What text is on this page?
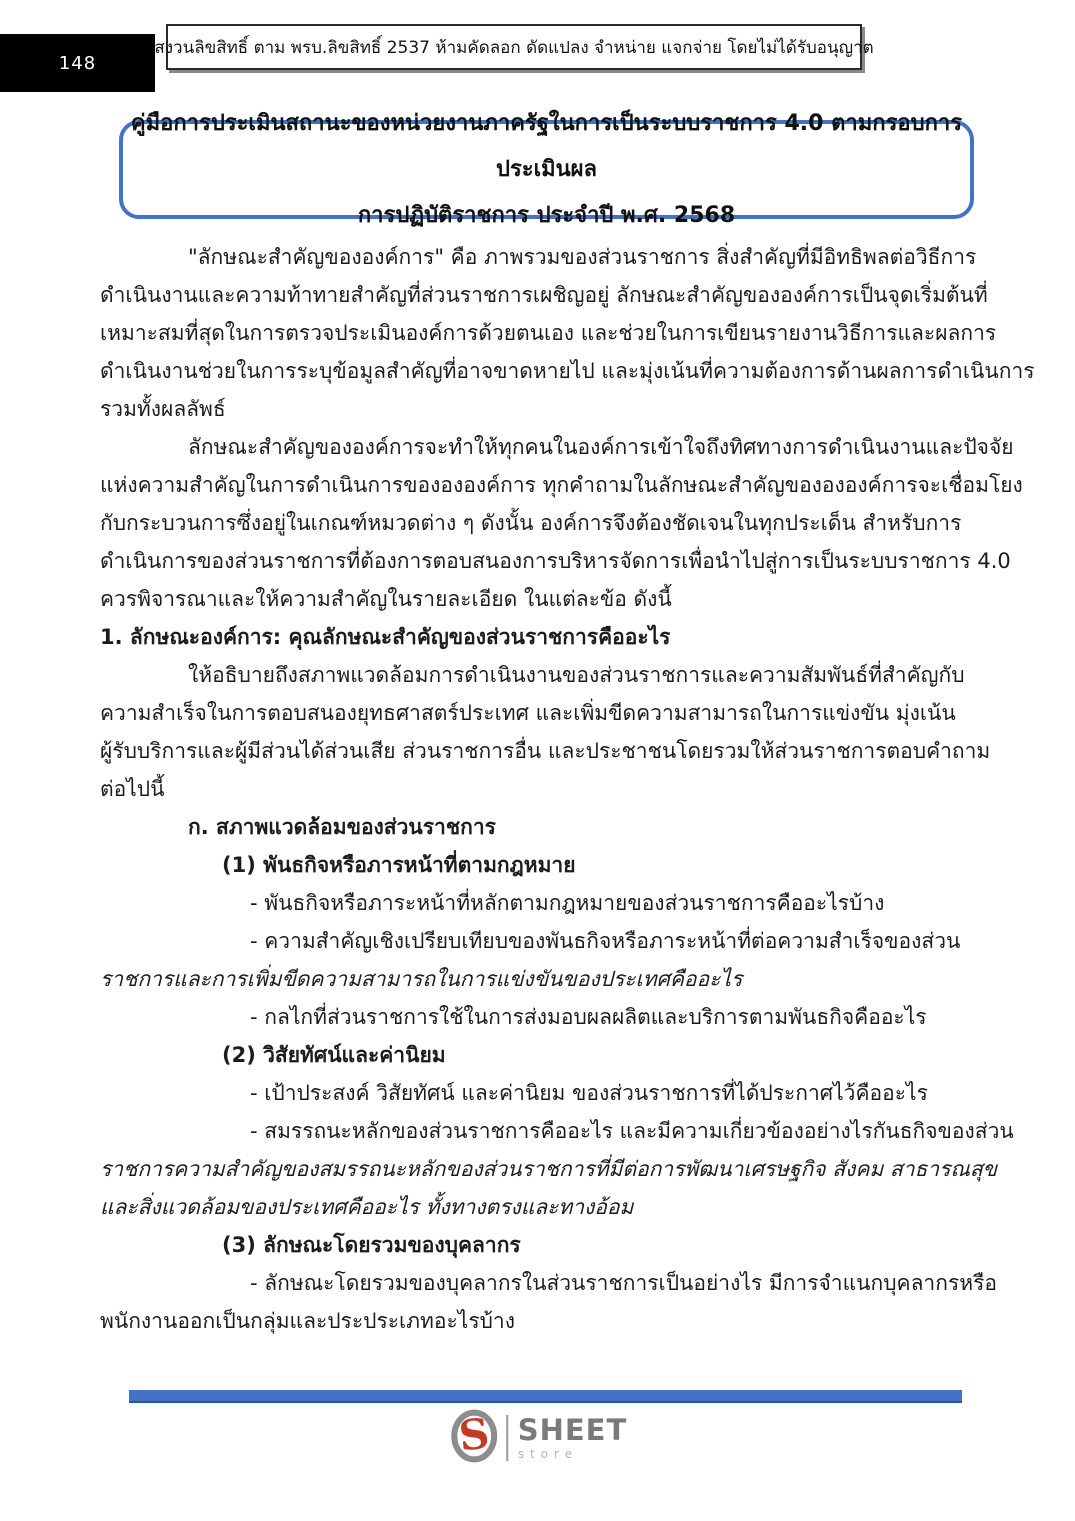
148
สงวนลิขสิทธิ์ ตาม พรบ.ลิขสิทธิ์ 2537 ห้ามคัดลอก ดัดแปลง จำหน่าย แจกจ่าย โดยไม่ได้รับอนุญาต
คู่มือการประเมินสถานะของหน่วยงานภาครัฐในการเป็นระบบราชการ 4.0 ตามกรอบการประเมินผล
การปฏิบัติราชการ ประจำปี พ.ศ. 2568
"ลักษณะสำคัญขององค์การ" คือ ภาพรวมของส่วนราชการ สิ่งสำคัญที่มีอิทธิพลต่อวิธีการ
ดำเนินงานและความท้าทายสำคัญที่ส่วนราชการเผชิญอยู่ ลักษณะสำคัญขององค์การเป็นจุดเริ่มต้นที่
เหมาะสมที่สุดในการตรวจประเมินองค์การด้วยตนเอง และช่วยในการเขียนรายงานวิธีการและผลการ
ดำเนินงานช่วยในการระบุข้อมูลสำคัญที่อาจขาดหายไป และมุ่งเน้นที่ความต้องการด้านผลการดำเนินการ
รวมทั้งผลลัพธ์
ลักษณะสำคัญขององค์การจะทำให้ทุกคนในองค์การเข้าใจถึงทิศทางการดำเนินงานและปัจจัย
แห่งความสำคัญในการดำเนินการของององค์การ ทุกคำถามในลักษณะสำคัญของององค์การจะเชื่อมโยง
กับกระบวนการซึ่งอยู่ในเกณฑ์หมวดต่าง ๆ ดังนั้น องค์การจึงต้องชัดเจนในทุกประเด็น สำหรับการ
ดำเนินการของส่วนราชการที่ต้องการตอบสนองการบริหารจัดการเพื่อนำไปสู่การเป็นระบบราชการ 4.0
ควรพิจารณาและให้ความสำคัญในรายละเอียด ในแต่ละข้อ ดังนี้
1. ลักษณะองค์การ: คุณลักษณะสำคัญของส่วนราชการคืออะไร
ให้อธิบายถึงสภาพแวดล้อมการดำเนินงานของส่วนราชการและความสัมพันธ์ที่สำคัญกับ
ความสำเร็จในการตอบสนองยุทธศาสตร์ประเทศ และเพิ่มขีดความสามารถในการแข่งขัน มุ่งเน้น
ผู้รับบริการและผู้มีส่วนได้ส่วนเสีย ส่วนราชการอื่น และประชาชนโดยรวมให้ส่วนราชการตอบคำถาม
ต่อไปนี้
ก. สภาพแวดล้อมของส่วนราชการ
(1) พันธกิจหรือภารหน้าที่ตามกฎหมาย
- พันธกิจหรือภาระหน้าที่หลักตามกฎหมายของส่วนราชการคืออะไรบ้าง
- ความสำคัญเชิงเปรียบเทียบของพันธกิจหรือภาระหน้าที่ต่อความสำเร็จของส่วน
ราชการและการเพิ่มขีดความสามารถในการแข่งขันของประเทศคืออะไร
- กลไกที่ส่วนราชการใช้ในการส่งมอบผลผลิตและบริการตามพันธกิจคืออะไร
(2) วิสัยทัศน์และค่านิยม
- เป้าประสงค์ วิสัยทัศน์ และค่านิยม ของส่วนราชการที่ได้ประกาศไว้คืออะไร
- สมรรถนะหลักของส่วนราชการคืออะไร และมีความเกี่ยวข้องอย่างไรกันธกิจของส่วน
ราชการความสำคัญของสมรรถนะหลักของส่วนราชการที่มีต่อการพัฒนาเศรษฐกิจ สังคม สาธารณสุข
และสิ่งแวดล้อมของประเทศคืออะไร ทั้งทางตรงและทางอ้อม
(3) ลักษณะโดยรวมของบุคลากร
- ลักษณะโดยรวมของบุคลากรในส่วนราชการเป็นอย่างไร มีการจำแนกบุคลากรหรือ
พนักงานออกเป็นกลุ่มและประประเภทอะไรบ้าง
S SHEET
store
